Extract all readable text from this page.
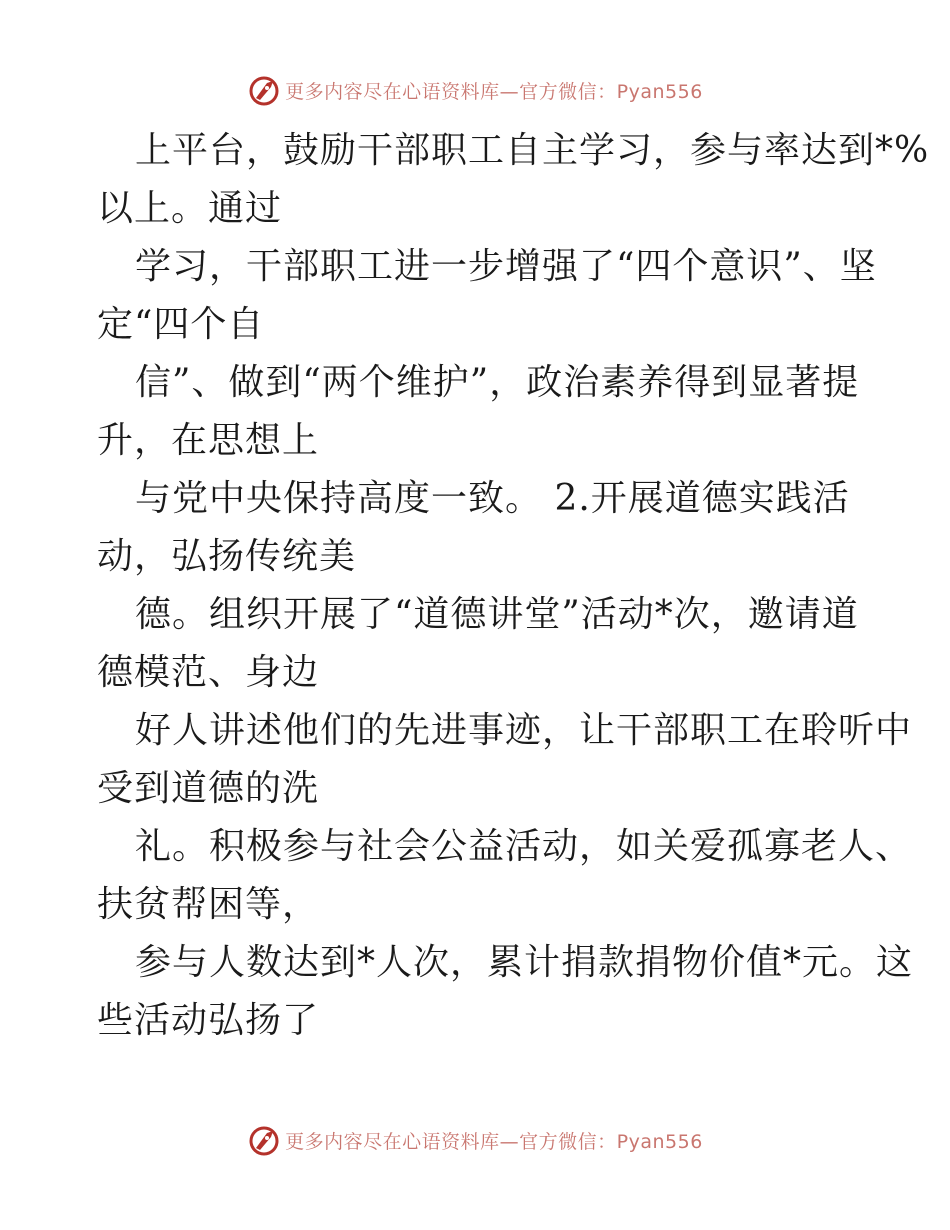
更多内容尽在心语资料库—官方微信：Pyan556
上平台，鼓励干部职工自主学习，参与率达到*%
以上。通过
学习，干部职工进一步增强了“四个意识”、坚
定“四个自
信”、做到“两个维护”，政治素养得到显著提
升，在思想上
与党中央保持高度一致。 2.开展道德实践活
动，弘扬传统美
德。组织开展了“道德讲堂”活动*次，邀请道
德模范、身边
好人讲述他们的先进事迹，让干部职工在聆听中
受到道德的洗
礼。积极参与社会公益活动，如关爱孤寡老人、
扶贫帮困等，
参与人数达到*人次，累计捐款捐物价值*元。这
些活动弘扬了
更多内容尽在心语资料库—官方微信：Pyan556
